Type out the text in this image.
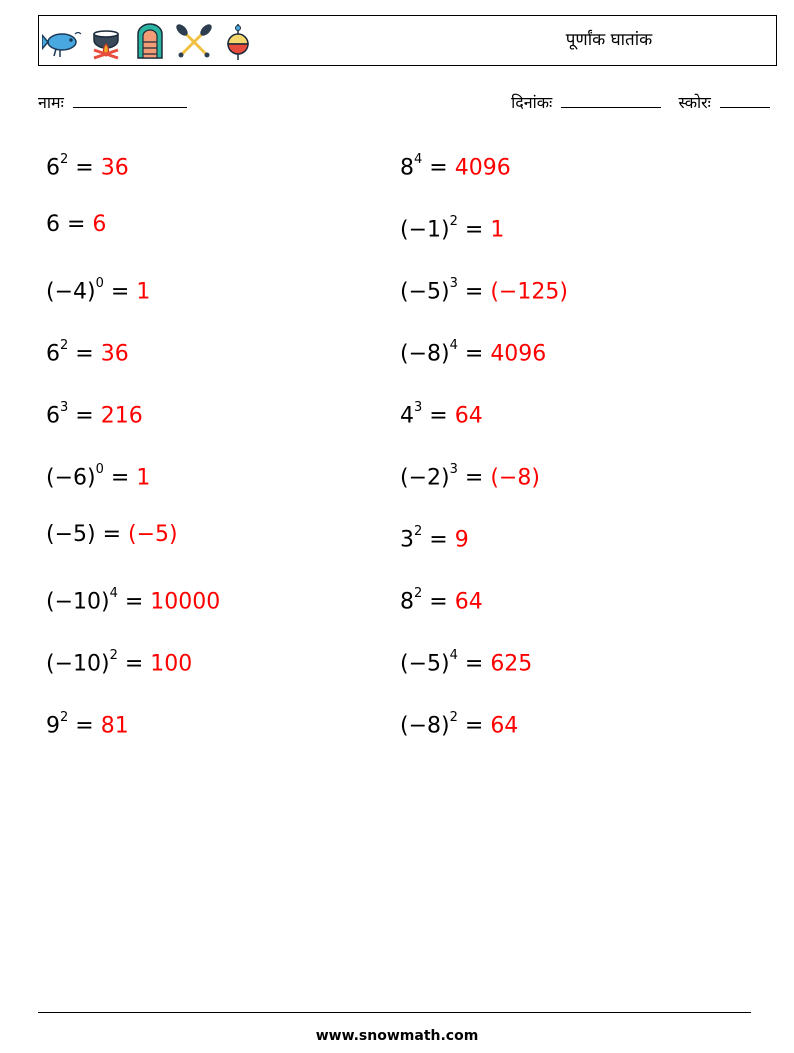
पूर्णांक घातांक
नामः	दिनांकः	स्कोरः
$6^2 = 36$
6 = 6
$(-4)^0 = 1$
$6^2 = 36$
$6^3 = 216$
$(-6)^0 = 1$
(−5) = (−5)
$(-10)^4 = 10000$
$(-10)^2 = 100$
$9^2 = 81$
$8^4 = 4096$
$(-1)^2 = 1$
$(-5)^3 = (-125)$
$(-8)^4 = 4096$
$4^3 = 64$
$(-2)^3 = (-8)$
$3^2 = 9$
$8^2 = 64$
$(-5)^4 = 625$
$(-8)^2 = 64$
www.snowmath.com
